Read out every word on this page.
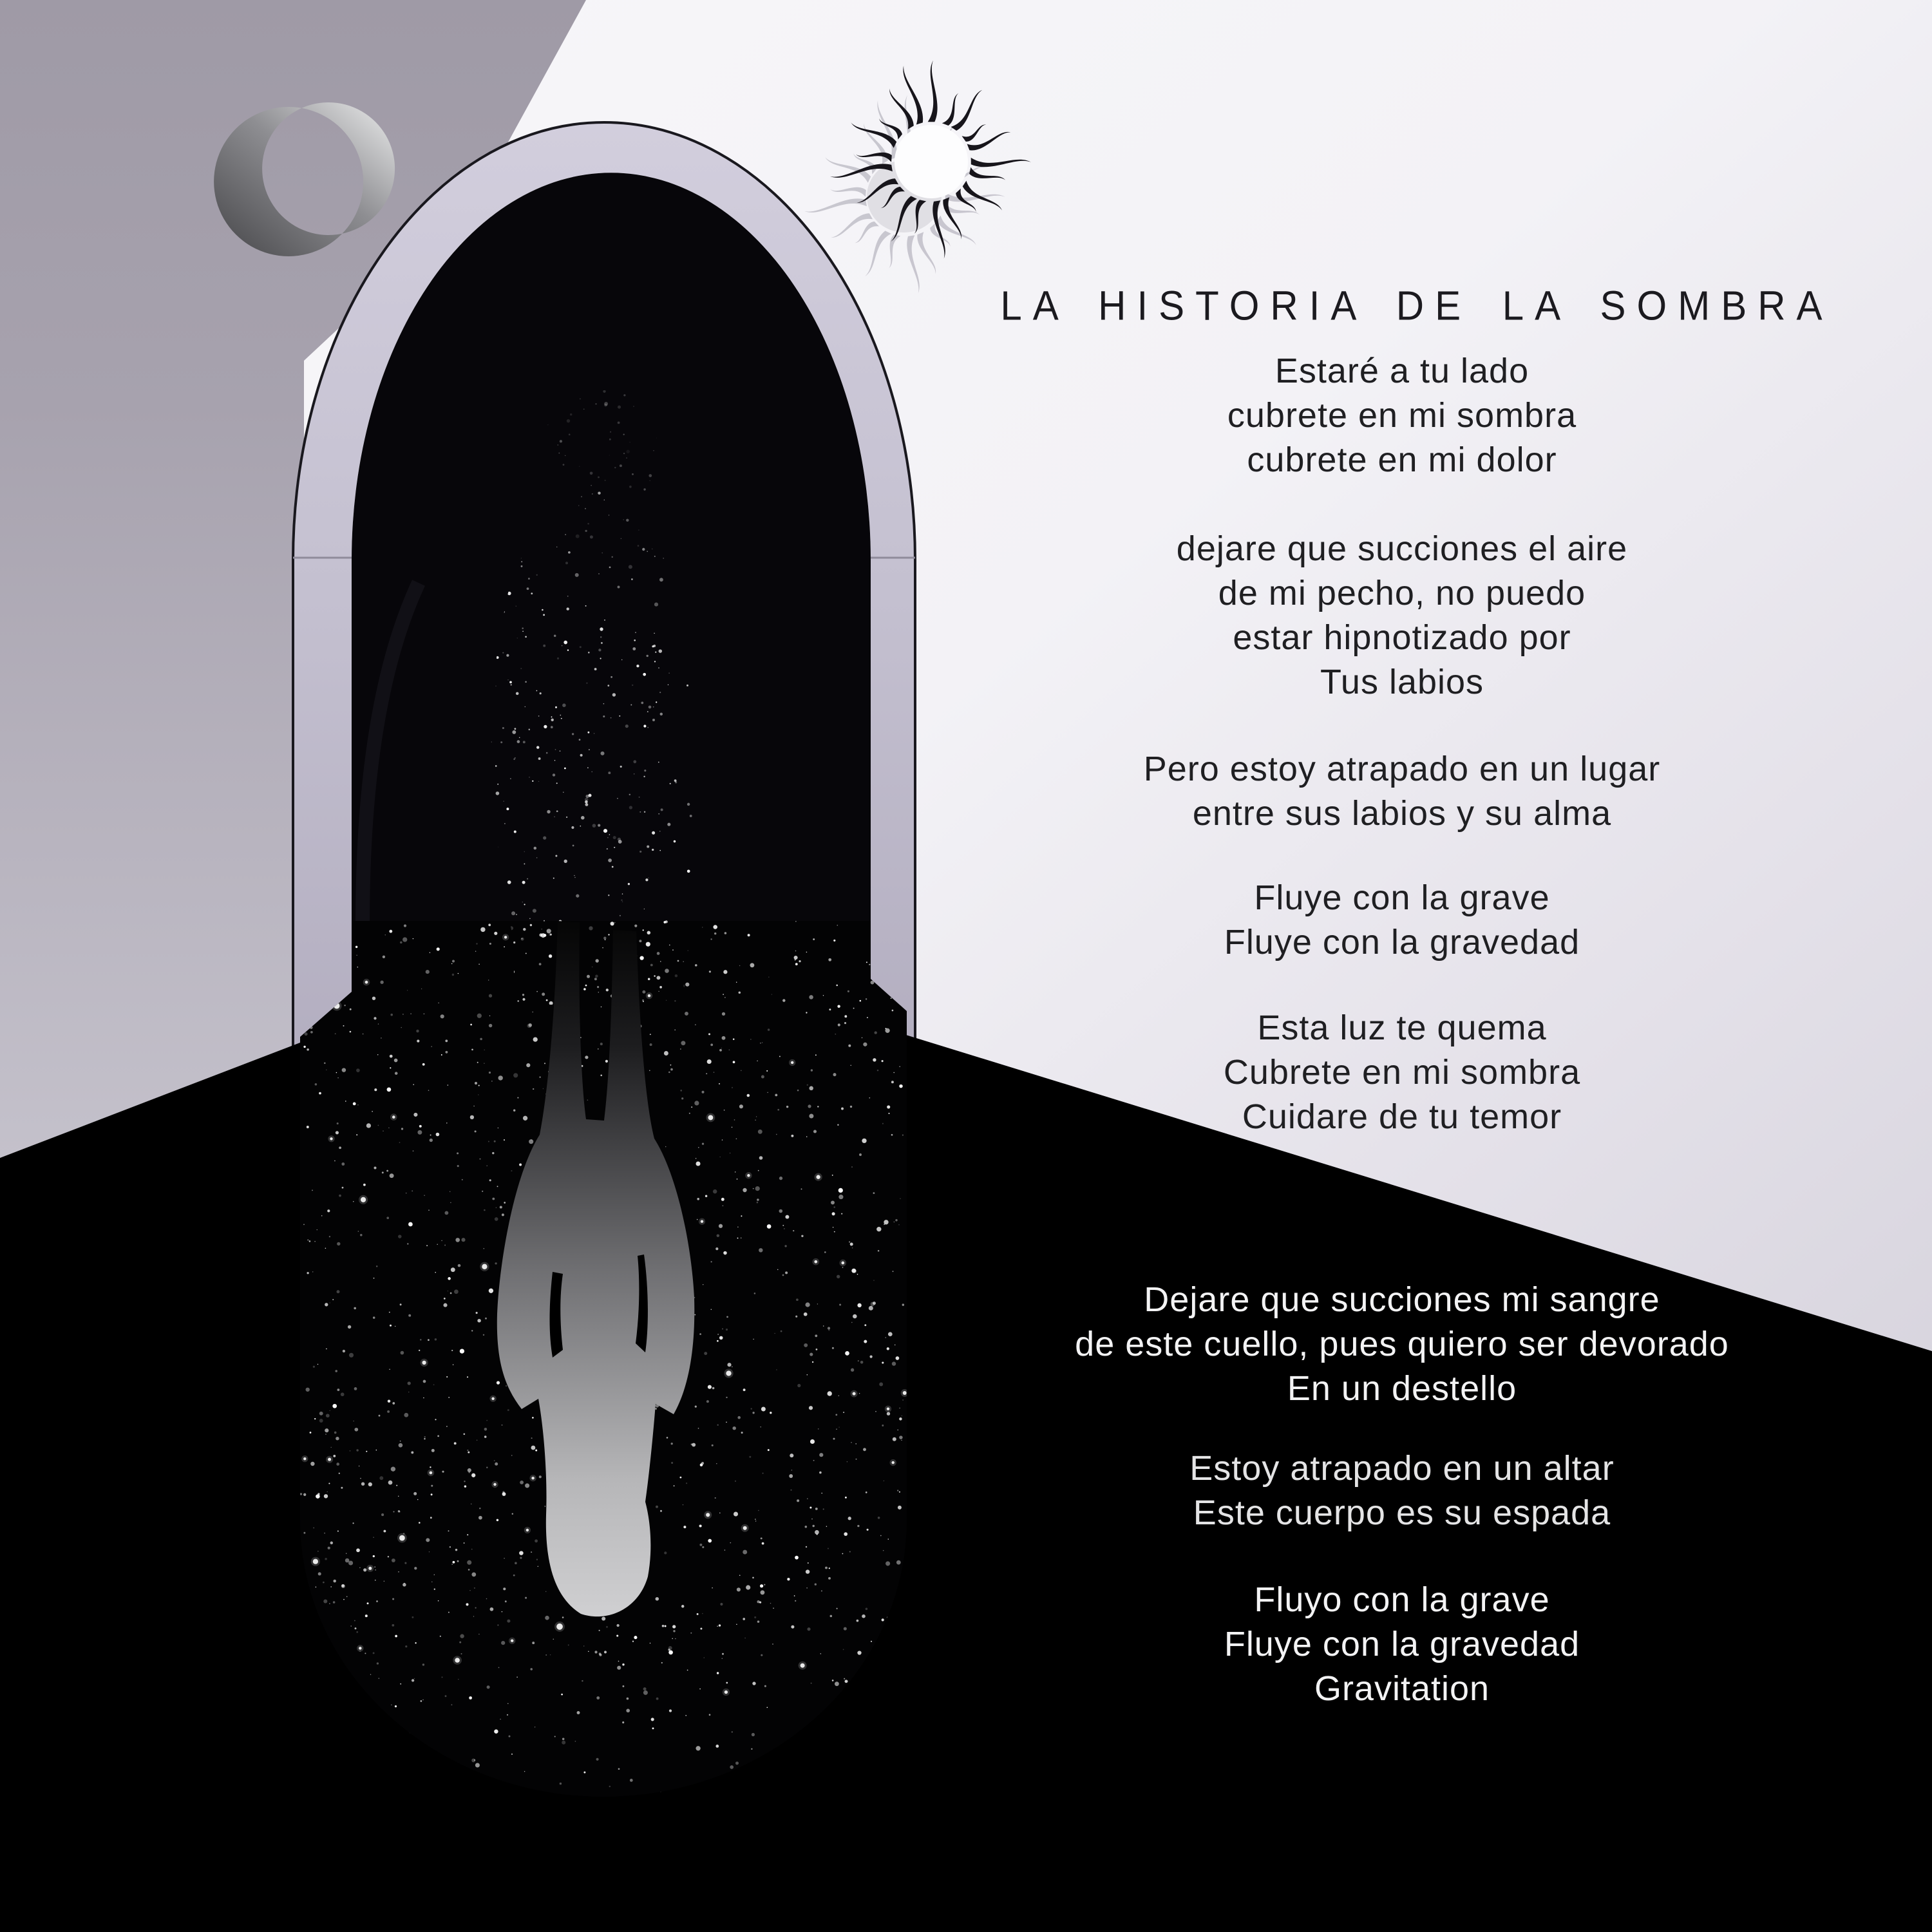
LA HISTORIA DE LA SOMBRA

Estaré a tu lado
cubrete en mi sombra
cubrete en mi dolor

dejare que succiones el aire
de mi pecho, no puedo
estar hipnotizado por
Tus labios

Pero estoy atrapado en un lugar
entre sus labios y su alma

Fluye con la grave
Fluye con la gravedad

Esta luz te quema
Cubrete en mi sombra
Cuidare de tu temor

Dejare que succiones mi sangre
de este cuello, pues quiero ser devorado
En un destello

Estoy atrapado en un altar
Este cuerpo es su espada

Fluyo con la grave
Fluye con la gravedad
Gravitation
